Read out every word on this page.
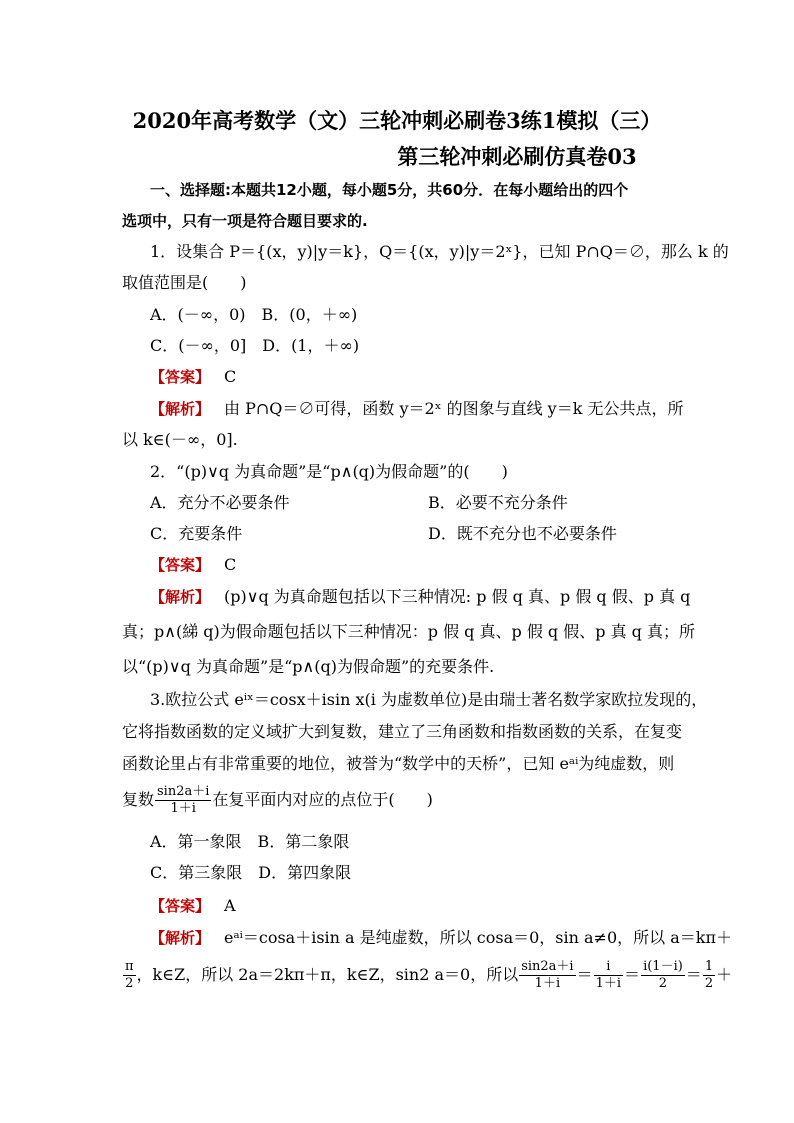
2020年高考数学（文）三轮冲刺必刷卷3练1模拟（三）
第三轮冲刺必刷仿真卷03
一、选择题:本题共12小题，每小题5分，共60分．在每小题给出的四个
选项中，只有一项是符合题目要求的.
1．设集合 P＝{(x，y)|y＝k}，Q＝{(x，y)|y＝2ˣ}，已知 P∩Q＝∅，那么 k 的
取值范围是(　　)
A．(－∞，0)　B．(0，＋∞)
C．(－∞，0]　D．(1，＋∞)
【答案】 C
【解析】 由 P∩Q＝∅可得，函数 y＝2ˣ 的图象与直线 y＝k 无公共点，所
以 k∈(－∞，0].
2．“(p)∨q 为真命题”是“p∧(q)为假命题”的(　　)
A．充分不必要条件	B．必要不充分条件
C．充要条件	D．既不充分也不必要条件
【答案】 C
【解析】 (p)∨q 为真命题包括以下三种情况: p 假 q 真、p 假 q 假、p 真 q
真；p∧(綈 q)为假命题包括以下三种情况：p 假 q 真、p 假 q 假、p 真 q 真；所
以“(p)∨q 为真命题”是“p∧(q)为假命题”的充要条件.
3.欧拉公式 eⁱˣ＝cosx＋isin x(i 为虚数单位)是由瑞士著名数学家欧拉发现的，
它将指数函数的定义域扩大到复数，建立了三角函数和指数函数的关系，在复变
函数论里占有非常重要的地位，被誉为“数学中的天桥”，已知 eᵃⁱ为纯虚数，则
复数 $\frac{\sin 2a+i}{1+i}$ 在复平面内对应的点位于(　　)
A．第一象限　B．第二象限
C．第三象限　D．第四象限
【答案】 A
【解析】 eᵃⁱ＝cosa＋isin a 是纯虚数，所以 cosa＝0，sin a≠0，所以 a＝kπ＋
$\frac{\pi}{2}$ ，k∈Z，所以 2a＝2kπ＋π，k∈Z，sin2 a＝0，所以 $\frac{\sin 2a+i}{1+i} = \frac{i}{1+i} = \frac{i(1-i)}{2} = \frac{1}{2}$ ＋
